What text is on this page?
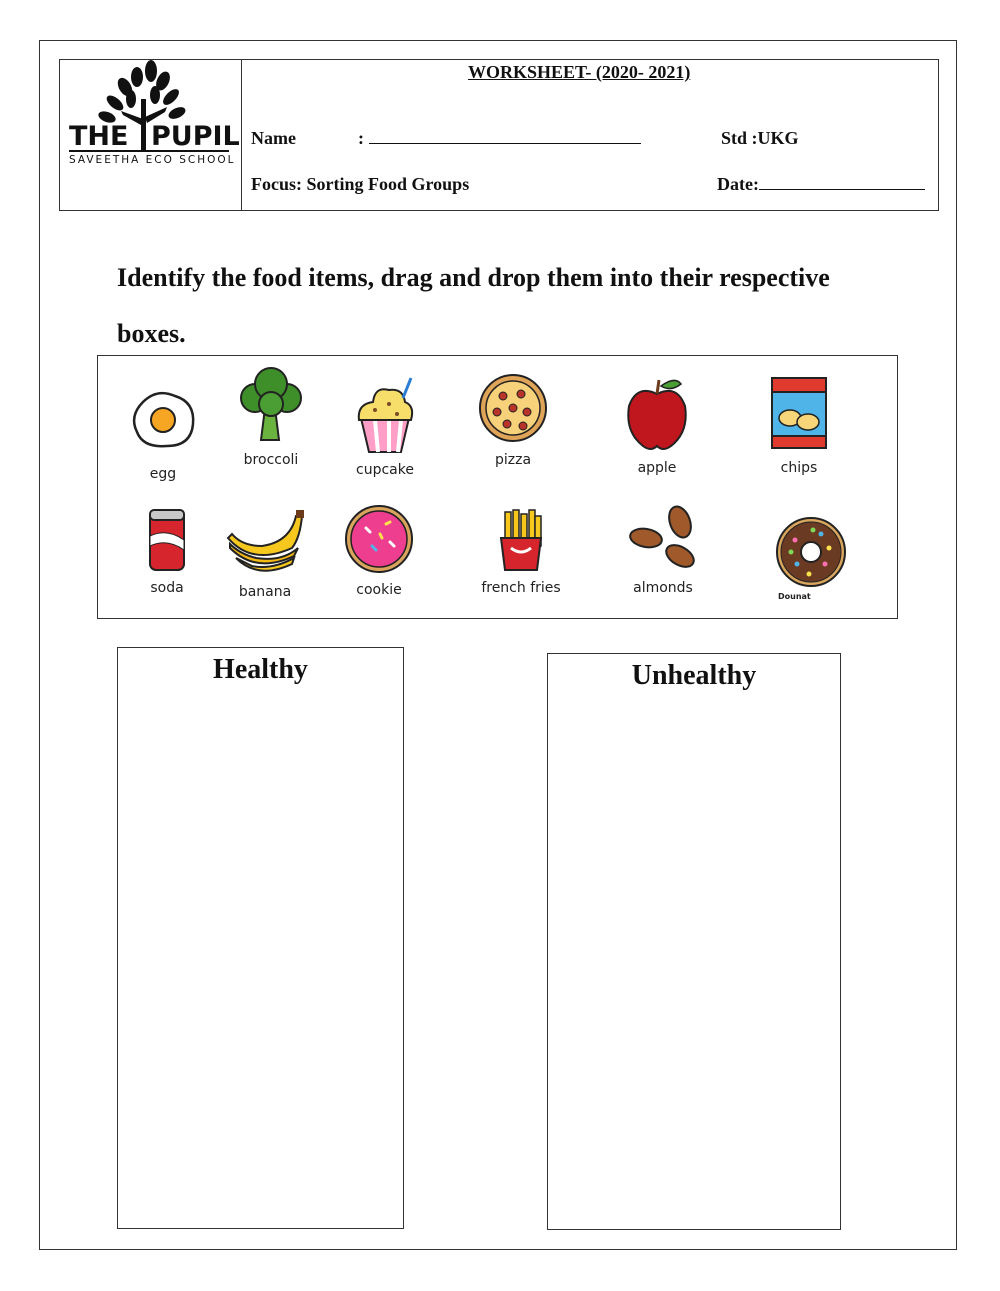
THE PUPIL
SAVEETHA ECO SCHOOL
WORKSHEET- (2020- 2021)
Name	:	Std :UKG
Focus: Sorting Food Groups	Date:
Identify the food items, drag and drop them into their respective boxes.
egg
broccoli
cupcake
pizza	apple	chips
soda	banana	cookie	french fries	almonds
Dounat
Healthy	Unhealthy
